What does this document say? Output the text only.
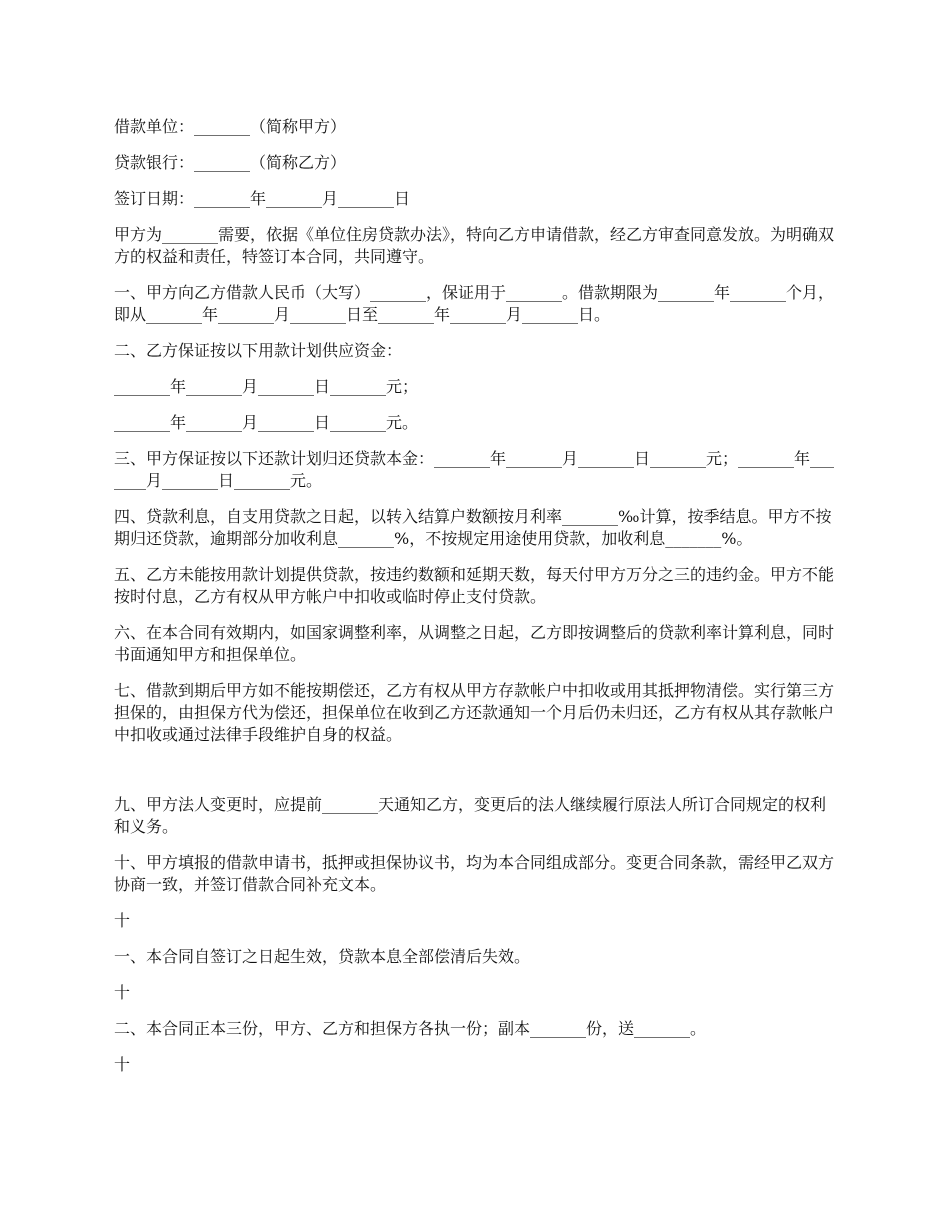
借款单位：_______（简称甲方）

贷款银行：_______（简称乙方）

签订日期：_______年_______月_______日

甲方为_______需要，依据《单位住房贷款办法》，特向乙方申请借款，经乙方审查同意发放。为明确双方的权益和责任，特签订本合同，共同遵守。

一、甲方向乙方借款人民币（大写）_______，保证用于_______。借款期限为_______年_______个月，即从_______年_______月_______日至_______年_______月_______日。

二、乙方保证按以下用款计划供应资金：

_______年_______月_______日_______元；

_______年_______月_______日_______元。

三、甲方保证按以下还款计划归还贷款本金：_______年_______月_______日_______元；_______年_______月_______日_______元。

四、贷款利息，自支用贷款之日起，以转入结算户数额按月利率_______‰计算，按季结息。甲方不按期归还贷款，逾期部分加收利息_______%，不按规定用途使用贷款，加收利息_______%。

五、乙方未能按用款计划提供贷款，按违约数额和延期天数，每天付甲方万分之三的违约金。甲方不能按时付息，乙方有权从甲方帐户中扣收或临时停止支付贷款。

六、在本合同有效期内，如国家调整利率，从调整之日起，乙方即按调整后的贷款利率计算利息，同时书面通知甲方和担保单位。

七、借款到期后甲方如不能按期偿还，乙方有权从甲方存款帐户中扣收或用其抵押物清偿。实行第三方担保的，由担保方代为偿还，担保单位在收到乙方还款通知一个月后仍未归还，乙方有权从其存款帐户中扣收或通过法律手段维护自身的权益。

九、甲方法人变更时，应提前_______天通知乙方，变更后的法人继续履行原法人所订合同规定的权利和义务。

十、甲方填报的借款申请书，抵押或担保协议书，均为本合同组成部分。变更合同条款，需经甲乙双方协商一致，并签订借款合同补充文本。

十

一、本合同自签订之日起生效，贷款本息全部偿清后失效。

十

二、本合同正本三份，甲方、乙方和担保方各执一份；副本_______份，送_______。

十
